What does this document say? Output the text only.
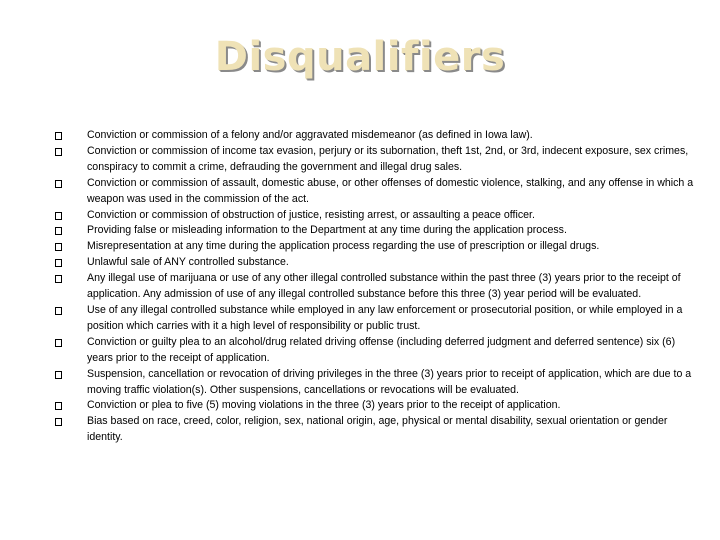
Disqualifiers
Conviction or commission of a felony and/or aggravated misdemeanor (as defined in Iowa law).
Conviction or commission of income tax evasion, perjury or its subornation, theft 1st, 2nd, or 3rd, indecent exposure, sex crimes, conspiracy to commit a crime, defrauding the government and illegal drug sales.
Conviction or commission of assault, domestic abuse, or other offenses of domestic violence, stalking, and any offense in which a weapon was used in the commission of the act.
Conviction or commission of obstruction of justice, resisting arrest, or assaulting a peace officer.
Providing false or misleading information to the Department at any time during the application process.
Misrepresentation at any time during the application process regarding the use of prescription or illegal drugs.
Unlawful sale of ANY controlled substance.
Any illegal use of marijuana or use of any other illegal controlled substance within the past three (3) years prior to the receipt of application. Any admission of use of any illegal controlled substance before this three (3) year period will be evaluated.
Use of any illegal controlled substance while employed in any law enforcement or prosecutorial position, or while employed in a position which carries with it a high level of responsibility or public trust.
Conviction or guilty plea to an alcohol/drug related driving offense (including deferred judgment and deferred sentence) six (6) years prior to the receipt of application.
Suspension, cancellation or revocation of driving privileges in the three (3) years prior to receipt of application, which are due to a moving traffic violation(s). Other suspensions, cancellations or revocations will be evaluated.
Conviction or plea to five (5) moving violations in the three (3) years prior to the receipt of application.
Bias based on race, creed, color, religion, sex, national origin, age, physical or mental disability, sexual orientation or gender identity.
